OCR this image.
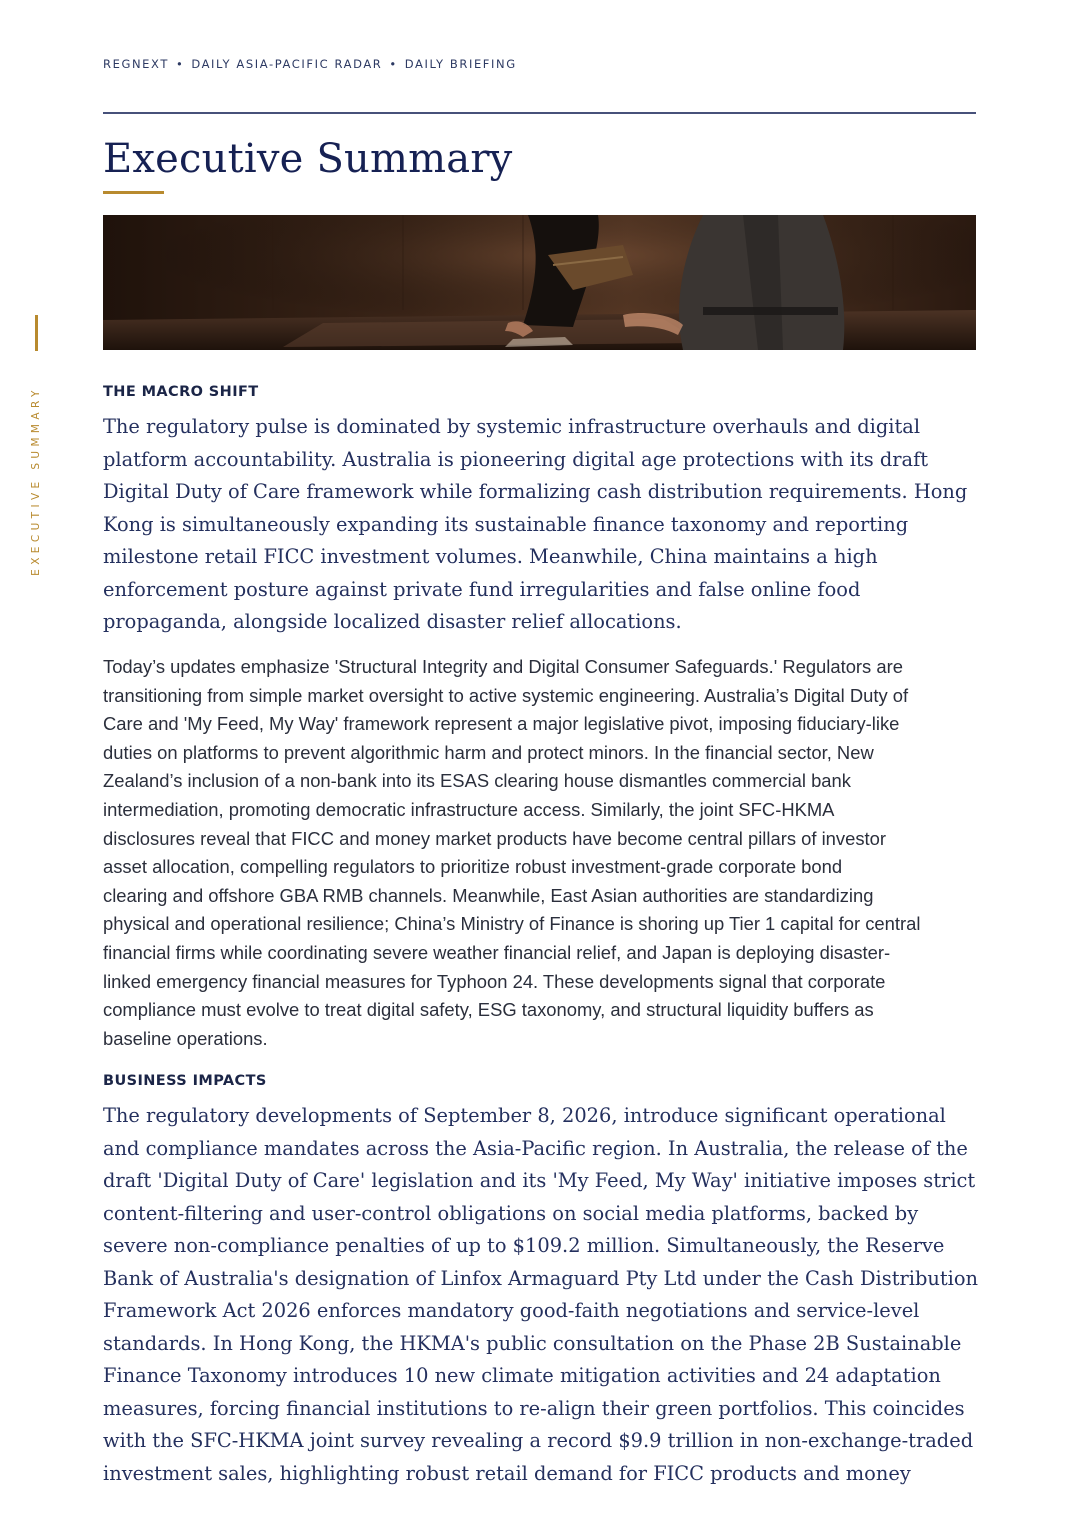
REGNEXT • DAILY ASIA-PACIFIC RADAR • DAILY BRIEFING
Executive Summary
EXECUTIVE SUMMARY	THE MACRO SHIFT

The regulatory pulse is dominated by systemic infrastructure overhauls and digital
platform accountability. Australia is pioneering digital age protections with its draft
Digital Duty of Care framework while formalizing cash distribution requirements. Hong
Kong is simultaneously expanding its sustainable finance taxonomy and reporting
milestone retail FICC investment volumes. Meanwhile, China maintains a high
enforcement posture against private fund irregularities and false online food
propaganda, alongside localized disaster relief allocations.

Today’s updates emphasize 'Structural Integrity and Digital Consumer Safeguards.' Regulators are
transitioning from simple market oversight to active systemic engineering. Australia’s Digital Duty of
Care and 'My Feed, My Way' framework represent a major legislative pivot, imposing fiduciary-like
duties on platforms to prevent algorithmic harm and protect minors. In the financial sector, New
Zealand’s inclusion of a non-bank into its ESAS clearing house dismantles commercial bank
intermediation, promoting democratic infrastructure access. Similarly, the joint SFC-HKMA
disclosures reveal that FICC and money market products have become central pillars of investor
asset allocation, compelling regulators to prioritize robust investment-grade corporate bond
clearing and offshore GBA RMB channels. Meanwhile, East Asian authorities are standardizing
physical and operational resilience; China’s Ministry of Finance is shoring up Tier 1 capital for central
financial firms while coordinating severe weather financial relief, and Japan is deploying disaster-
linked emergency financial measures for Typhoon 24. These developments signal that corporate
compliance must evolve to treat digital safety, ESG taxonomy, and structural liquidity buffers as
baseline operations.

BUSINESS IMPACTS

The regulatory developments of September 8, 2026, introduce significant operational
and compliance mandates across the Asia-Pacific region. In Australia, the release of the
draft 'Digital Duty of Care' legislation and its 'My Feed, My Way' initiative imposes strict
content-filtering and user-control obligations on social media platforms, backed by
severe non-compliance penalties of up to $109.2 million. Simultaneously, the Reserve
Bank of Australia's designation of Linfox Armaguard Pty Ltd under the Cash Distribution
Framework Act 2026 enforces mandatory good-faith negotiations and service-level
standards. In Hong Kong, the HKMA's public consultation on the Phase 2B Sustainable
Finance Taxonomy introduces 10 new climate mitigation activities and 24 adaptation
measures, forcing financial institutions to re-align their green portfolios. This coincides
with the SFC-HKMA joint survey revealing a record $9.9 trillion in non-exchange-traded
investment sales, highlighting robust retail demand for FICC products and money
